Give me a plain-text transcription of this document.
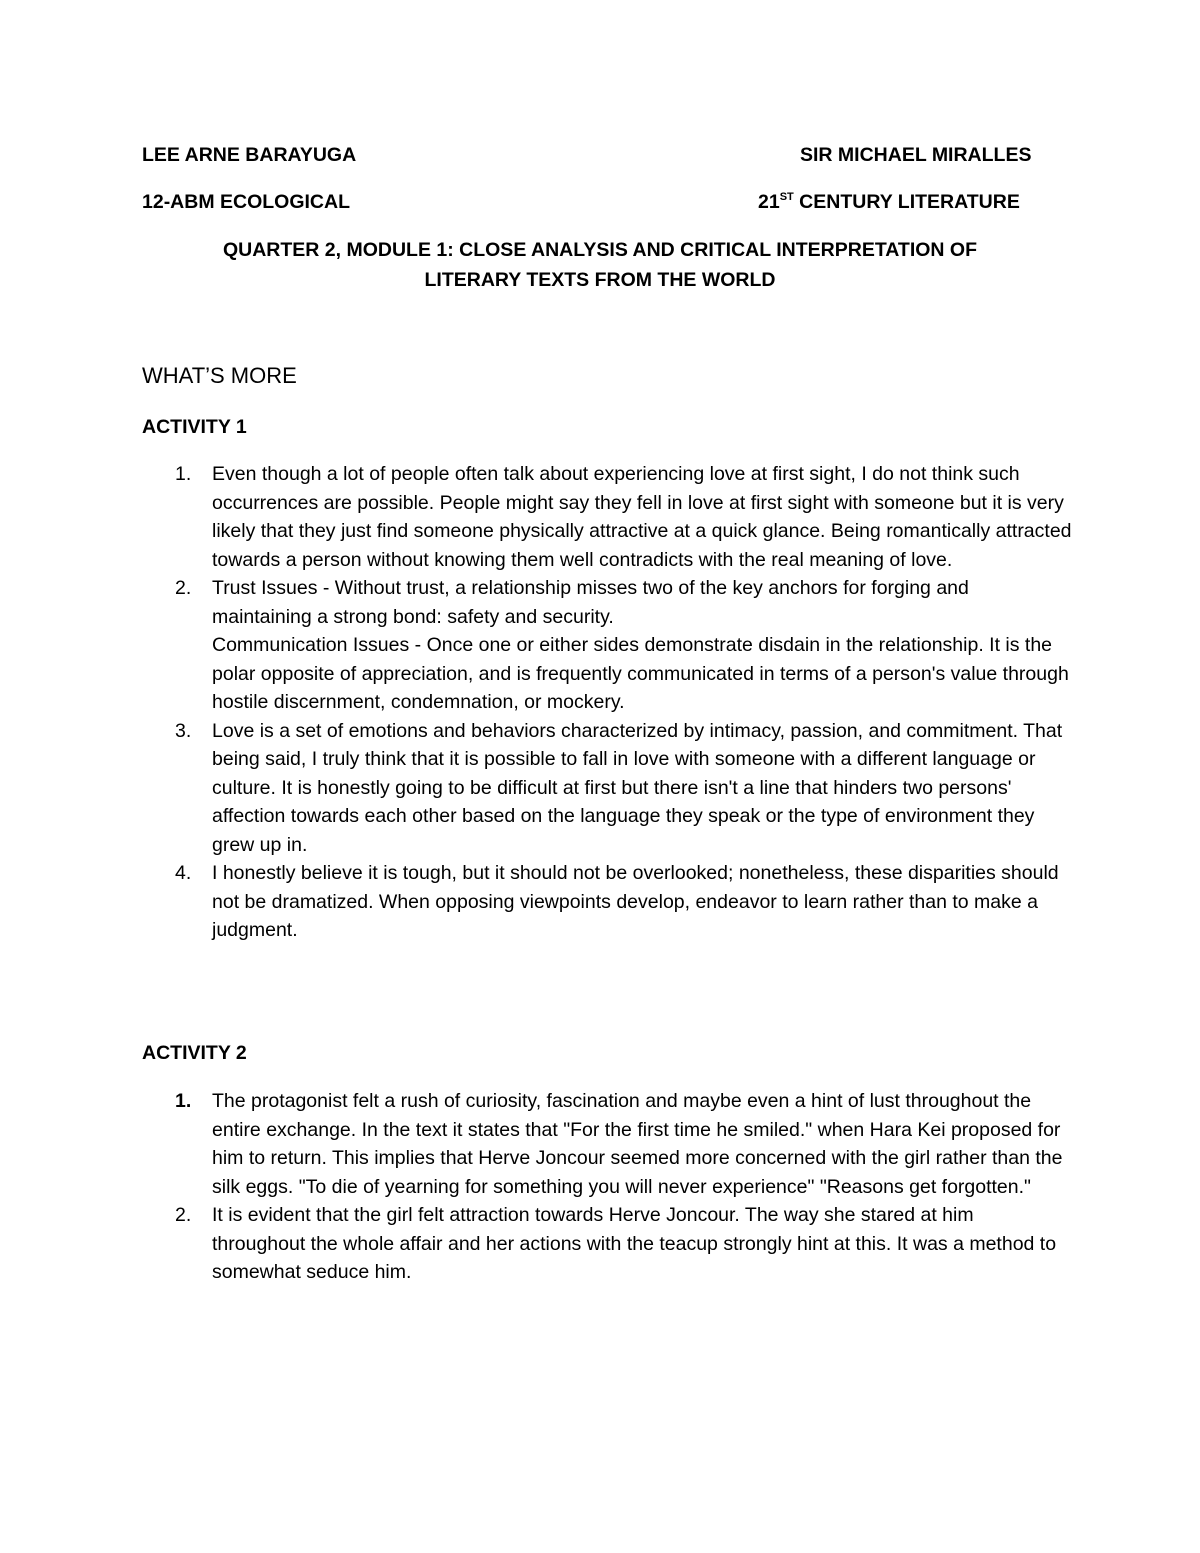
LEE ARNE BARAYUGA	SIR MICHAEL MIRALLES
12-ABM ECOLOGICAL	21ST CENTURY LITERATURE
QUARTER 2, MODULE 1: CLOSE ANALYSIS AND CRITICAL INTERPRETATION OF
LITERARY TEXTS FROM THE WORLD
WHAT’S MORE
ACTIVITY 1
1.	Even though a lot of people often talk about experiencing love at first sight, I do not think such occurrences are possible. People might say they fell in love at first sight with someone but it is very likely that they just find someone physically attractive at a quick glance. Being romantically attracted towards a person without knowing them well contradicts with the real meaning of love.
2.	Trust Issues - Without trust, a relationship misses two of the key anchors for forging and maintaining a strong bond: safety and security.
Communication Issues - Once one or either sides demonstrate disdain in the relationship. It is the polar opposite of appreciation, and is frequently communicated in terms of a person's value through hostile discernment, condemnation, or mockery.
3.	Love is a set of emotions and behaviors characterized by intimacy, passion, and commitment. That being said, I truly think that it is possible to fall in love with someone with a different language or culture. It is honestly going to be difficult at first but there isn't a line that hinders two persons' affection towards each other based on the language they speak or the type of environment they grew up in.
4.	I honestly believe it is tough, but it should not be overlooked; nonetheless, these disparities should not be dramatized. When opposing viewpoints develop, endeavor to learn rather than to make a judgment.
ACTIVITY 2
1.	The protagonist felt a rush of curiosity, fascination and maybe even a hint of lust throughout the entire exchange. In the text it states that "For the first time he smiled." when Hara Kei proposed for him to return. This implies that Herve Joncour seemed more concerned with the girl rather than the silk eggs. "To die of yearning for something you will never experience" "Reasons get forgotten."
2.	It is evident that the girl felt attraction towards Herve Joncour. The way she stared at him throughout the whole affair and her actions with the teacup strongly hint at this. It was a method to somewhat seduce him.
